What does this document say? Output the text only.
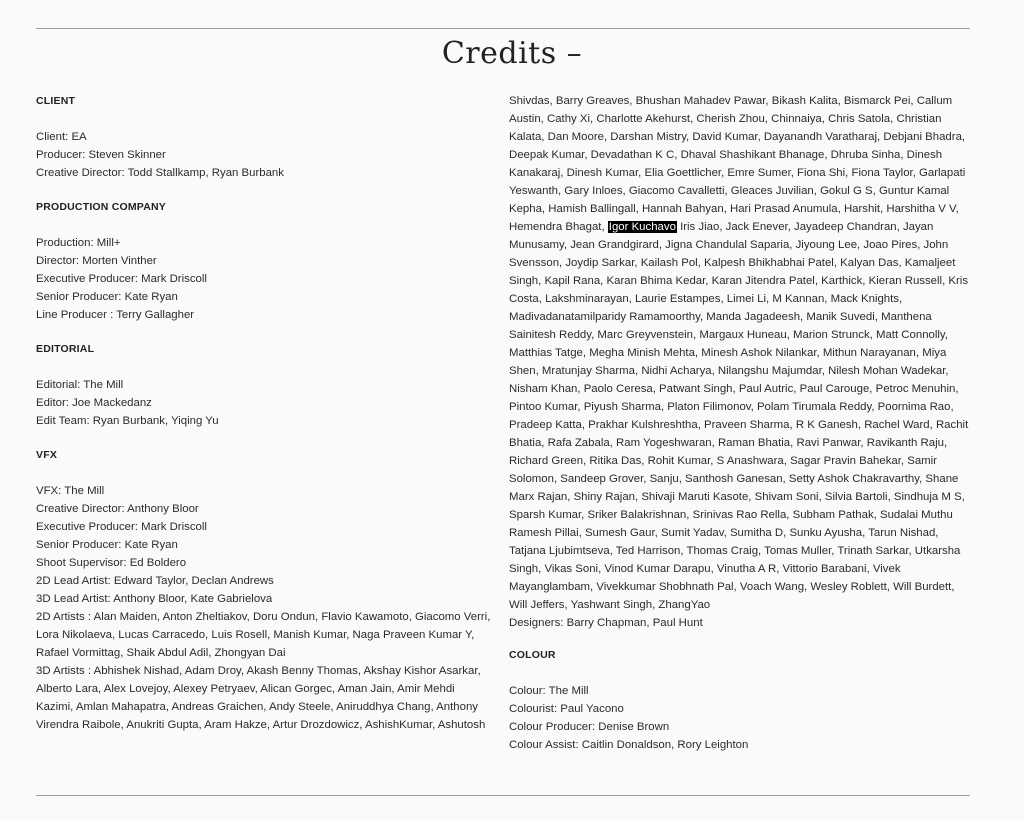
Credits –

CLIENT

Client: EA
Producer: Steven Skinner
Creative Director: Todd Stallkamp, Ryan Burbank

PRODUCTION COMPANY

Production: Mill+
Director: Morten Vinther
Executive Producer: Mark Driscoll
Senior Producer: Kate Ryan
Line Producer : Terry Gallagher

EDITORIAL

Editorial: The Mill
Editor: Joe Mackedanz
Edit Team: Ryan Burbank, Yiqing Yu

VFX

VFX: The Mill
Creative Director: Anthony Bloor
Executive Producer: Mark Driscoll
Senior Producer: Kate Ryan
Shoot Supervisor: Ed Boldero
2D Lead Artist: Edward Taylor, Declan Andrews
3D Lead Artist: Anthony Bloor, Kate Gabrielova
2D Artists : Alan Maiden, Anton Zheltiakov, Doru Ondun, Flavio Kawamoto, Giacomo Verri,
Lora Nikolaeva, Lucas Carracedo, Luis Rosell, Manish Kumar, Naga Praveen Kumar Y,
Rafael Vormittag, Shaik Abdul Adil, Zhongyan Dai
3D Artists : Abhishek Nishad, Adam Droy, Akash Benny Thomas, Akshay Kishor Asarkar,
Alberto Lara, Alex Lovejoy, Alexey Petryaev, Alican Gorgec, Aman Jain, Amir Mehdi
Kazimi, Amlan Mahapatra, Andreas Graichen, Andy Steele, Aniruddhya Chang, Anthony
Virendra Raibole, Anukriti Gupta, Aram Hakze, Artur Drozdowicz, AshishKumar, Ashutosh
Shivdas, Barry Greaves, Bhushan Mahadev Pawar, Bikash Kalita, Bismarck Pei, Callum
Austin, Cathy Xi, Charlotte Akehurst, Cherish Zhou, Chinnaiya, Chris Satola, Christian
Kalata, Dan Moore, Darshan Mistry, David Kumar, Dayanandh Varatharaj, Debjani Bhadra,
Deepak Kumar, Devadathan K C, Dhaval Shashikant Bhanage, Dhruba Sinha, Dinesh
Kanakaraj, Dinesh Kumar, Elia Goettlicher, Emre Sumer, Fiona Shi, Fiona Taylor, Garlapati
Yeswanth, Gary Inloes, Giacomo Cavalletti, Gleaces Juvilian, Gokul G S, Guntur Kamal
Kepha, Hamish Ballingall, Hannah Bahyan, Hari Prasad Anumula, Harshit, Harshitha V V,
Hemendra Bhagat, Igor Kuchavo Iris Jiao, Jack Enever, Jayadeep Chandran, Jayan
Munusamy, Jean Grandgirard, Jigna Chandulal Saparia, Jiyoung Lee, Joao Pires, John
Svensson, Joydip Sarkar, Kailash Pol, Kalpesh Bhikhabhai Patel, Kalyan Das, Kamaljeet
Singh, Kapil Rana, Karan Bhima Kedar, Karan Jitendra Patel, Karthick, Kieran Russell, Kris
Costa, Lakshminarayan, Laurie Estampes, Limei Li, M Kannan, Mack Knights,
Madivadanatamilparidy Ramamoorthy, Manda Jagadeesh, Manik Suvedi, Manthena
Sainitesh Reddy, Marc Greyvenstein, Margaux Huneau, Marion Strunck, Matt Connolly,
Matthias Tatge, Megha Minish Mehta, Minesh Ashok Nilankar, Mithun Narayanan, Miya
Shen, Mratunjay Sharma, Nidhi Acharya, Nilangshu Majumdar, Nilesh Mohan Wadekar,
Nisham Khan, Paolo Ceresa, Patwant Singh, Paul Autric, Paul Carouge, Petroc Menuhin,
Pintoo Kumar, Piyush Sharma, Platon Filimonov, Polam Tirumala Reddy, Poornima Rao,
Pradeep Katta, Prakhar Kulshreshtha, Praveen Sharma, R K Ganesh, Rachel Ward, Rachit
Bhatia, Rafa Zabala, Ram Yogeshwaran, Raman Bhatia, Ravi Panwar, Ravikanth Raju,
Richard Green, Ritika Das, Rohit Kumar, S Anashwara, Sagar Pravin Bahekar, Samir
Solomon, Sandeep Grover, Sanju, Santhosh Ganesan, Setty Ashok Chakravarthy, Shane
Marx Rajan, Shiny Rajan, Shivaji Maruti Kasote, Shivam Soni, Silvia Bartoli, Sindhuja M S,
Sparsh Kumar, Sriker Balakrishnan, Srinivas Rao Rella, Subham Pathak, Sudalai Muthu
Ramesh Pillai, Sumesh Gaur, Sumit Yadav, Sumitha D, Sunku Ayusha, Tarun Nishad,
Tatjana Ljubimtseva, Ted Harrison, Thomas Craig, Tomas Muller, Trinath Sarkar, Utkarsha
Singh, Vikas Soni, Vinod Kumar Darapu, Vinutha A R, Vittorio Barabani, Vivek
Mayanglambam, Vivekkumar Shobhnath Pal, Voach Wang, Wesley Roblett, Will Burdett,
Will Jeffers, Yashwant Singh, ZhangYao
Designers: Barry Chapman, Paul Hunt

COLOUR

Colour: The Mill
Colourist: Paul Yacono
Colour Producer: Denise Brown
Colour Assist: Caitlin Donaldson, Rory Leighton
